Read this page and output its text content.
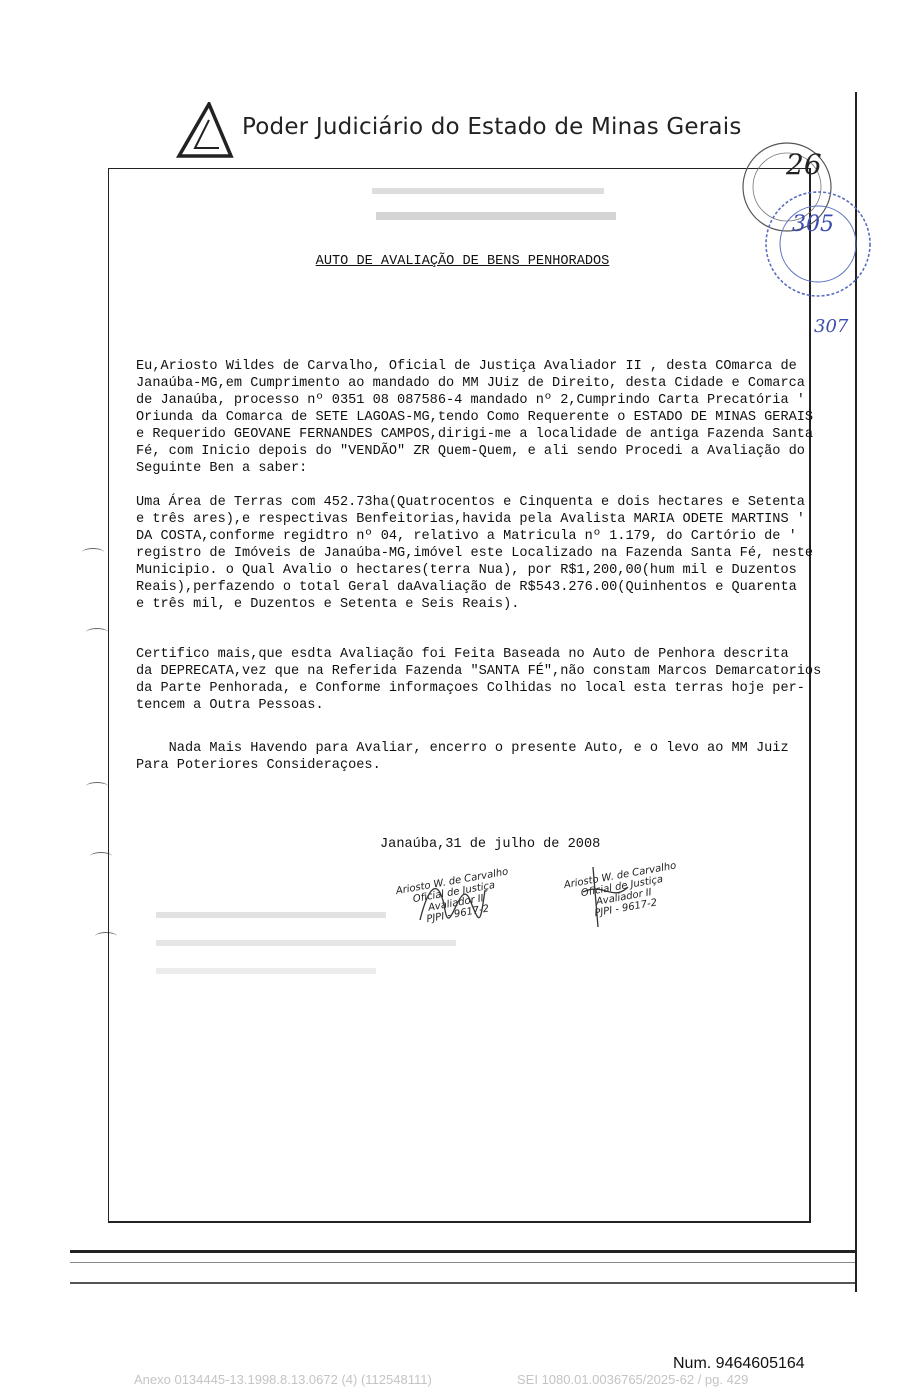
Poder Judiciário do Estado de Minas Gerais
26
305
307
AUTO DE AVALIAÇÃO DE BENS PENHORADOS

Eu,Ariosto Wildes de Carvalho, Oficial de Justiça Avaliador II , desta COmarca de
Janaúba-MG,em Cumprimento ao mandado do MM JUiz de Direito, desta Cidade e Comarca
de Janaúba, processo nº 0351 08 087586-4 mandado nº 2,Cumprindo Carta Precatória '
Oriunda da Comarca de SETE LAGOAS-MG,tendo Como Requerente o ESTADO DE MINAS GERAIS
e Requerido GEOVANE FERNANDES CAMPOS,dirigi-me a localidade de antiga Fazenda Santa
Fé, com Inicio depois do "VENDÃO" ZR Quem-Quem, e ali sendo Procedi a Avaliação do
Seguinte Ben a saber:

Uma Área de Terras com 452.73ha(Quatrocentos e Cinquenta e dois hectares e Setenta
e três ares),e respectivas Benfeitorias,havida pela Avalista MARIA ODETE MARTINS '
DA COSTA,conforme regidtro nº 04, relativo a Matricula nº 1.179, do Cartório de '
registro de Imóveis de Janaúba-MG,imóvel este Localizado na Fazenda Santa Fé, neste
Municipio. o Qual Avalio o hectares(terra Nua), por R$1,200,00(hum mil e Duzentos
Reais),perfazendo o total Geral daAvaliação de R$543.276.00(Quinhentos e Quarenta
e três mil, e Duzentos e Setenta e Seis Reais).

Certifico mais,que esdta Avaliação foi Feita Baseada no Auto de Penhora descrita
da DEPRECATA,vez que na Referida Fazenda "SANTA FÉ",não constam Marcos Demarcatorios
da Parte Penhorada, e Conforme informaçoes Colhidas no local esta terras hoje per-
tencem a Outra Pessoas.

Nada Mais Havendo para Avaliar, encerro o presente Auto, e o levo ao MM Juiz
Para Poteriores Consideraçoes.

Janaúba,31 de julho de 2008

Ariosto W. de Carvalho
Oficial de Justiça
Avaliador II
PJPI - 9617-2
Ariosto W. de Carvalho
Oficial de Justiça
Avaliador II
PJPI - 9617-2
Num. 9464605164
Anexo 0134445-13.1998.8.13.0672 (4) (112548111)	SEI 1080.01.0036765/2025-62 / pg. 429
